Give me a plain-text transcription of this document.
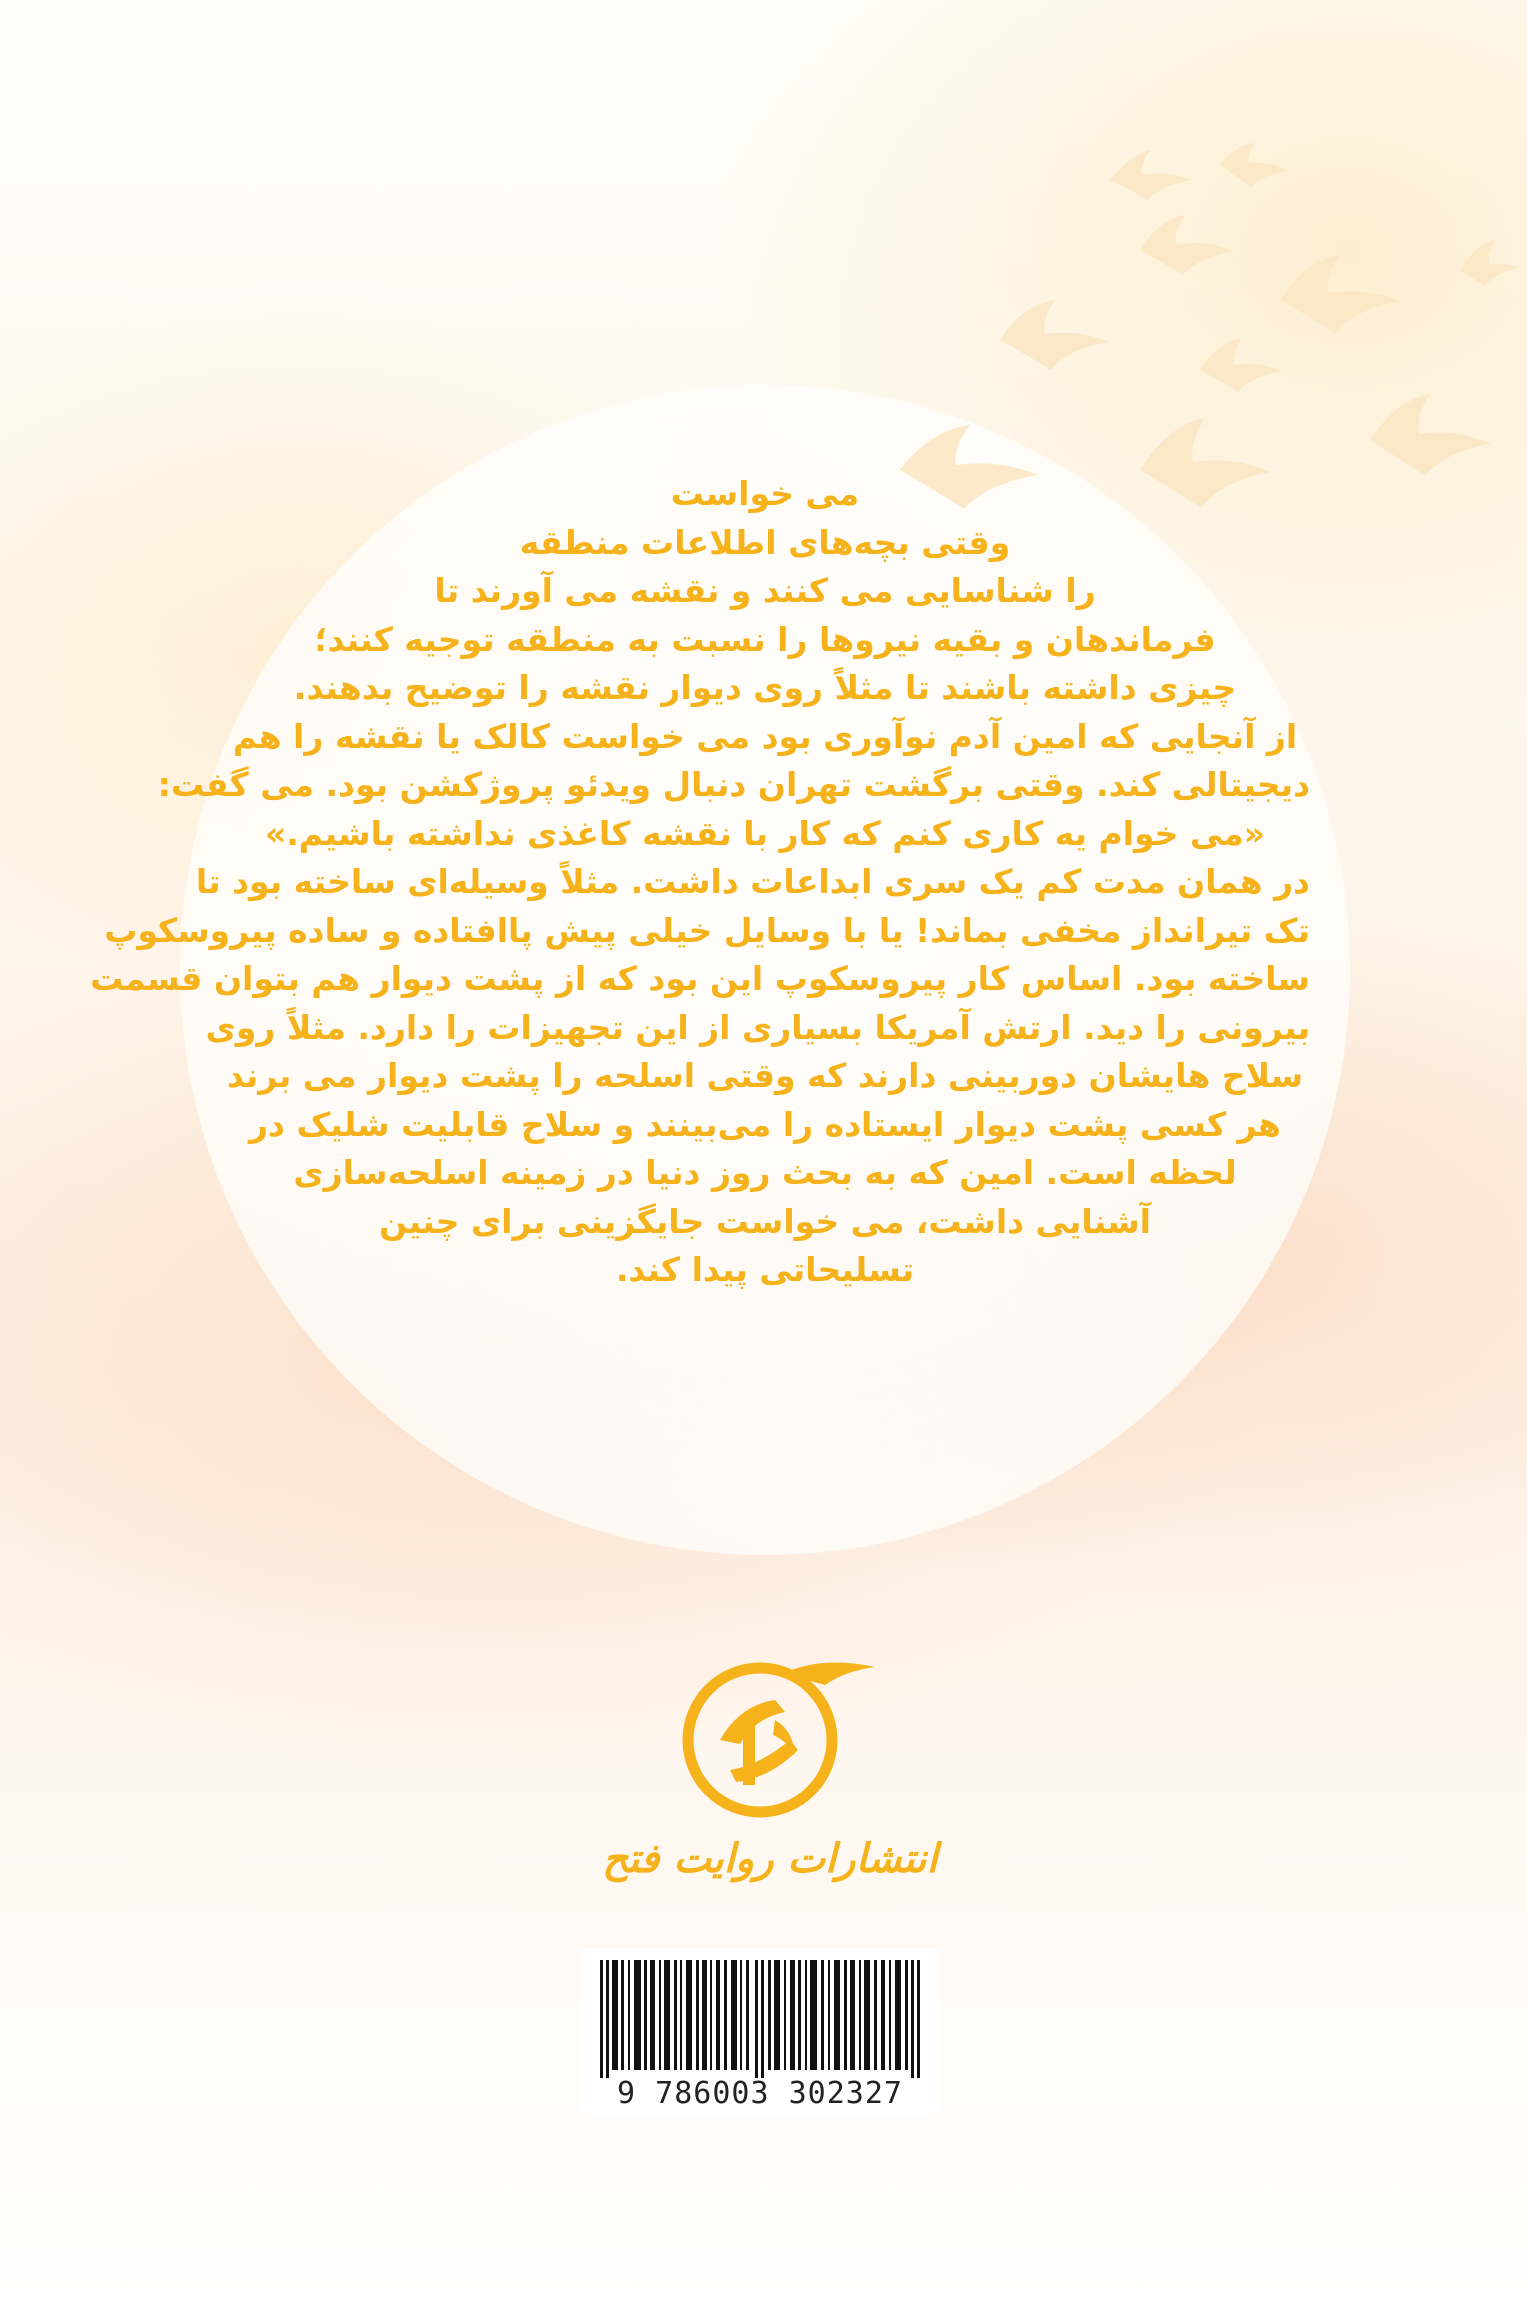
می خواست

وقتی بچه‌های اطلاعات منطقه

را شناسایی می کنند و نقشه می آورند تا

فرماندهان و بقیه نیروها را نسبت به منطقه توجیه کنند؛

چیزی داشته باشند تا مثلاً روی دیوار نقشه را توضیح بدهند.

از آنجایی که امین آدم نوآوری بود می خواست کالک یا نقشه را هم

دیجیتالی کند. وقتی برگشت تهران دنبال ویدئو پروژکشن بود. می گفت:

«می خوام یه کاری کنم که کار با نقشه کاغذی نداشته باشیم.»

در همان مدت کم یک سری ابداعات داشت. مثلاً وسیله‌ای ساخته بود تا

تک تیرانداز مخفی بماند! یا با وسایل خیلی پیش پاافتاده و ساده پیروسکوپ

ساخته بود. اساس کار پیروسکوپ این بود که از پشت دیوار هم بتوان قسمت

بیرونی را دید. ارتش آمریکا بسیاری از این تجهیزات را دارد. مثلاً روی

سلاح هایشان دوربینی دارند که وقتی اسلحه را پشت دیوار می برند

هر کسی پشت دیوار ایستاده را می‌بینند و سلاح قابلیت شلیک در

لحظه است. امین که به بحث روز دنیا در زمینه اسلحه‌سازی

آشنایی داشت، می خواست جایگزینی برای چنین

تسلیحاتی پیدا کند.

انتشارات روایت فتح
9 786003 302327
